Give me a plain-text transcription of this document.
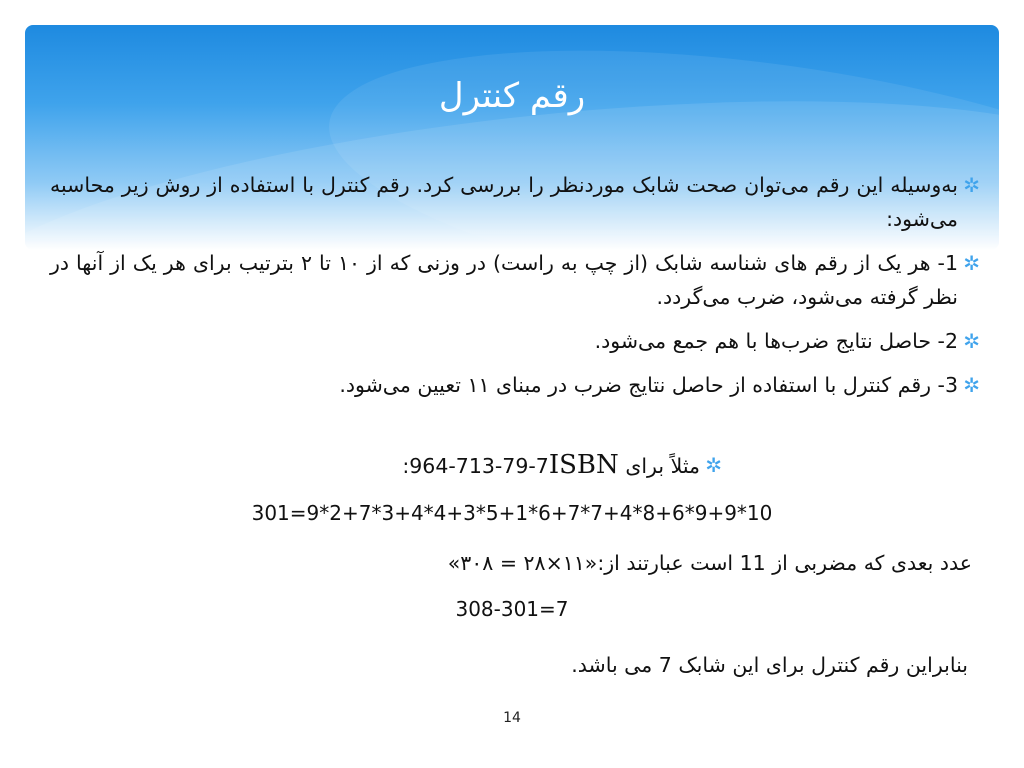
رقم کنترل

✲
به‌وسیله این رقم می‌توان صحت شابک موردنظر را بررسی کرد. رقم کنترل با استفاده از روش زیر محاسبه می‌شود:

✲
1- هر یک از رقم های شناسه شابک (از چپ به راست) در وزنی که از ۱۰ تا ۲ بترتیب برای هر یک از آنها در نظر گرفته می‌شود، ضرب می‌گردد.

✲
2- حاصل نتایج ضرب‌ها با هم جمع می‌شود.

✲
3- رقم کنترل با استفاده از حاصل نتایج ضرب در مبنای ۱۱ تعیین می‌شود.

✲
مثلاً برای :964-713-79-7ISBN
301=9*2+7*3+4*4+3*5+1*6+7*7+4*8+6*9+9*10
عدد بعدی که مضربی از 11 است عبارتند از:«۱۱×۲۸ = ۳۰۸»
308-301=7
بنابراین رقم کنترل برای این شابک 7 می باشد.
14
